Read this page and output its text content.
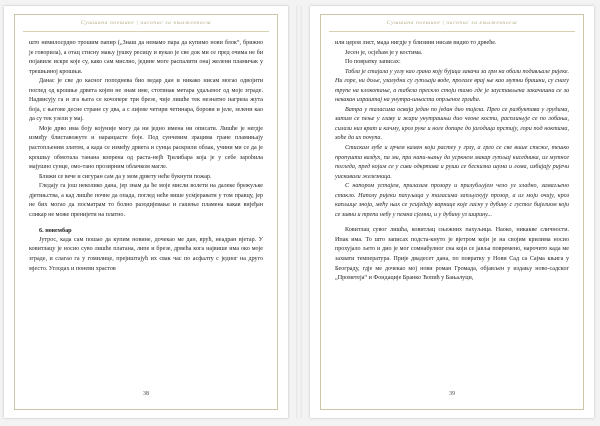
Сушшина поешике | часопис за књижевносш

што немилосрдно трошим папир („Знаш да немамо пара да купимо нови блок“, брижно је говорила), а отац стисну мању јушку ресицу и вукао је све док ми се пред очима не би појавиле искре које су, како сам мислио, једине моге распалити онај желени пламичак у трешњиној крошњи.

Данас је све до касног поподнева био ведар дан и никако нисам могао одвојити поглед од крошње дрвета којем не знам име, стотинак метара удаљеног од моје зграде. Надвисују га и зга њега се кочопере три брезе, чије лишће тек незнатно нагриза жута боја, с његовe десне стране су два, а с лијеве четири четинара, борови и јеле, зелени као да су тек узели у мај.

Моје дрво има боју којуније могу да ни једно имена ни описати. Лишће је негдје између блиставожуте и наранџасте боје. Под сунчевим зрацима гране пламињају растопљеним златом, а када се између дрвета и сунца раскрили облак, учини ми се да је крошњу обмотала танана копрена од раста-нејћ Ђилибара која је у себе зарobила мајушно сунце, омо-тано прозирним облачком магле.

Ближи се вече и сигуран сам да у мом дрвету неће букнути пожар.

Гледају га још неколико дана, јер знам да ће моје мисли волети на далеке брежуљке дјетињства, а кад лишће почне да опада, поглед неће више усмјеравати у том правцу, јер не бих могао да посматрам то болно разодијевање и гашење пламена какав вијеђан сликар не може пренијети на платно.

6. новембар

Јутрос, када сам пошао да купим новине, дочекао ме дан, врућ, неадран вјетар. У ковитлацу је носио суво лишће платана, липе и брезе, дрвећа кога највише има око моје зграде, и слагао га у гомилице, прејиштајућ их свак час по асфалту с једног на друго мјесто. Углодах и поневи храстов

38
Сушшина поешике | часопис за књижевносш

или церов лист, мада нигдје у близини нисам видио то дрвеће.

Јесен је, осјећам је у костима.

По повратку записах:

Табла је стајала у углу као грана коју бујица закачи за грм на обали подивљале ријеке. Ни горе, ни доље, узалудни су гутљаји воде, прогале врај ње као мутни брашни, су снагу трупе на клокотање, а табела прескло стоји тамо где је заустављена закачишни се за некакан израштај на унутра-шњости опрљеног грлића.

Ватра у таласима осваја један по један дио тијела. Прео се разбуктава у грудима, затим се пење у главу и жари унутрашњи дио чеоне кости, расплињује се по лобањи, силази низ врат и кичму, кроз руке и ноге допире до јагодица прстију, гори под ноктима, хоће да их почупа.

Стискам зубе и грчем камен који растеу у грлу, а грло се све више стеже, тешко пропушта ваздух, па ми, при напи-њању да усркнем макар гутљај киседника, из мутног погледа, пред којим се у сиви одкртава и руши се бескизна шума и лома, избијају ријечи уискивали желeзница.

С напором устајем, прилазим прозору и прилубљујем чело уз хладно, замагљено стакло. Наполу ријеки пахуљица у таласима запљускују прозор, а из моји очију, кроз капљице зноја, мећу њих се усиједају варнице које гасну у дубину с густог бијелиом који се зивни и трепи небу у пемна сјемни, и у дубину уз ширину...

Ковитлац сувог лишћа, ковитлац сњежних пахуљица. Наоко, никакве сличности. Ипак има. То што записах подста-кнуто је вјетром који је на својим крилима носио прохујало љето и дио је мог сомнабулног сна који се јавља повремено, нарочито када ме захвати температура. Прије двадесет дана, по повратку у Нови Сад са Сајма књига у Београду, гдје ме дочекао мој нови роман Громада, објављен у издању ново-садског „Прометеја“ и Фондације Бранко Ћопић у Бањалуци,

39
